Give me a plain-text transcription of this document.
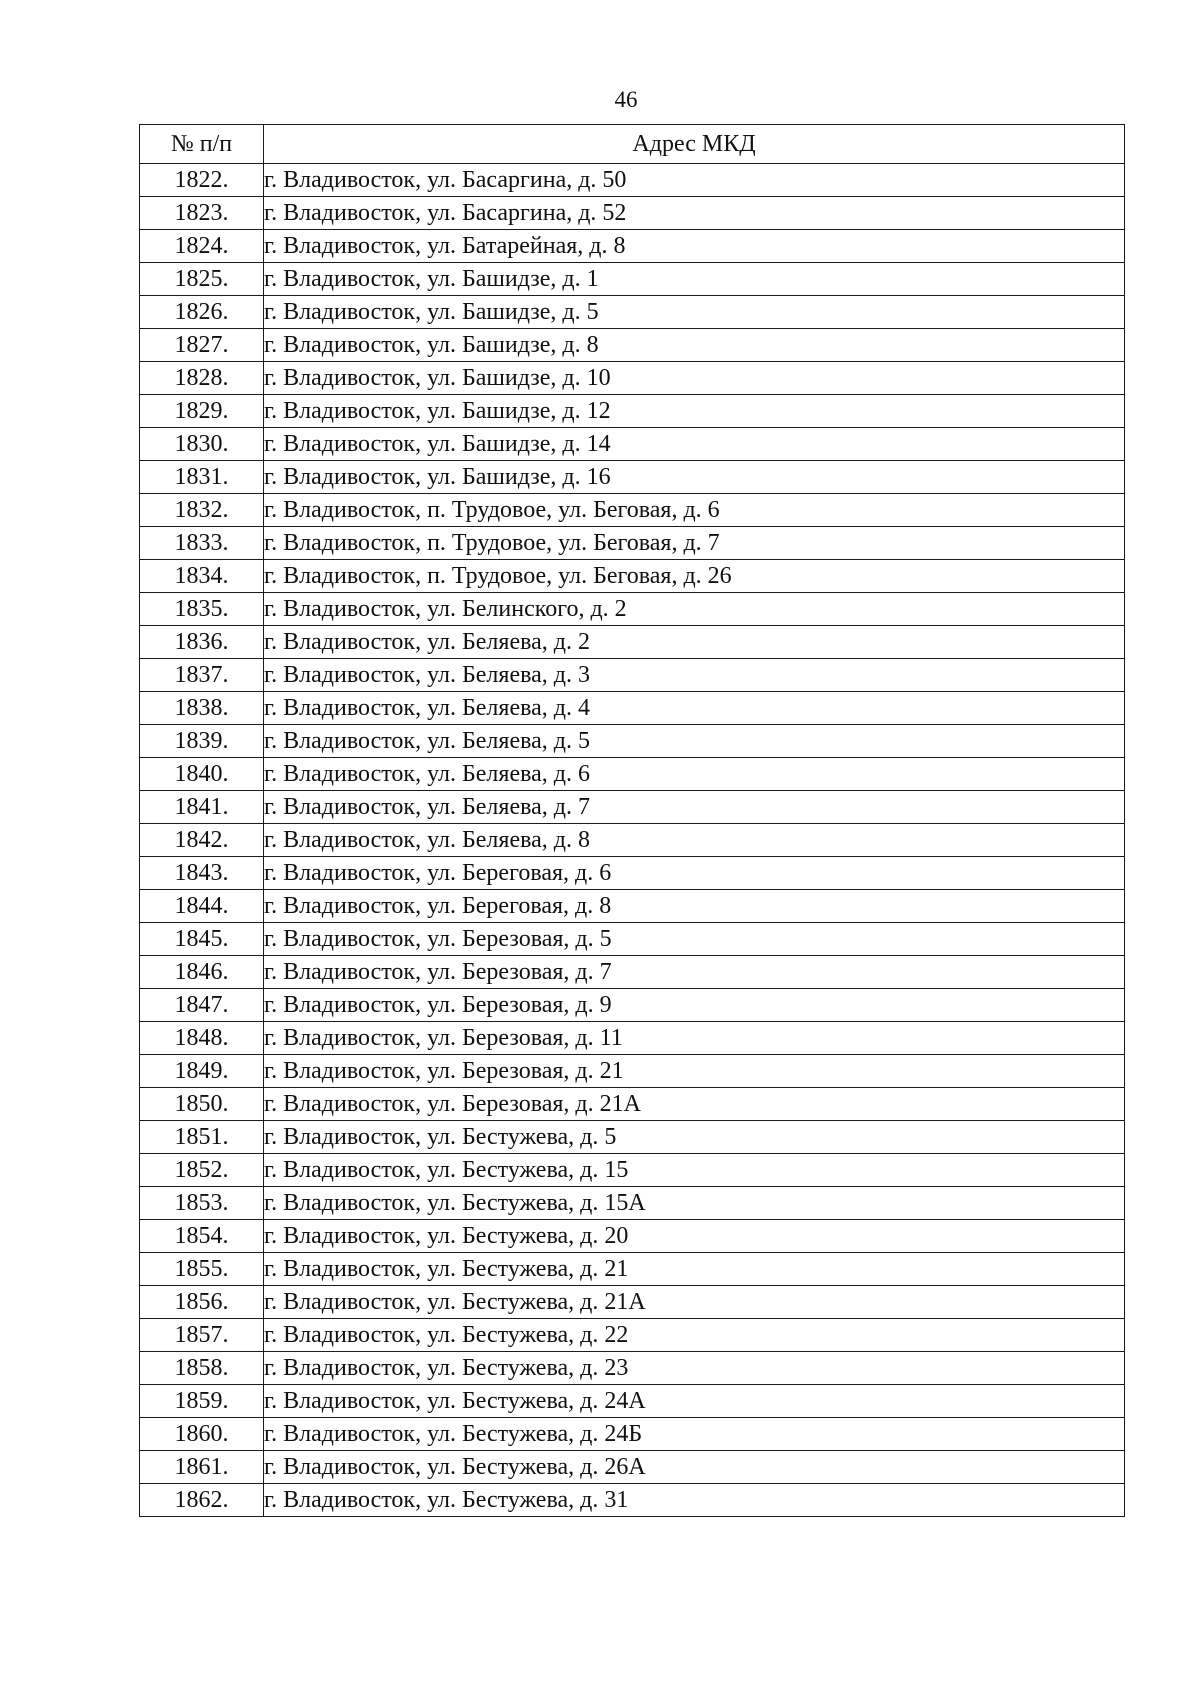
46
№ п/п	Адрес МКД
1822.	г. Владивосток, ул. Басаргина, д. 50
1823.	г. Владивосток, ул. Басаргина, д. 52
1824.	г. Владивосток, ул. Батарейная, д. 8
1825.	г. Владивосток, ул. Башидзе, д. 1
1826.	г. Владивосток, ул. Башидзе, д. 5
1827.	г. Владивосток, ул. Башидзе, д. 8
1828.	г. Владивосток, ул. Башидзе, д. 10
1829.	г. Владивосток, ул. Башидзе, д. 12
1830.	г. Владивосток, ул. Башидзе, д. 14
1831.	г. Владивосток, ул. Башидзе, д. 16
1832.	г. Владивосток, п. Трудовое, ул. Беговая, д. 6
1833.	г. Владивосток, п. Трудовое, ул. Беговая, д. 7
1834.	г. Владивосток, п. Трудовое, ул. Беговая, д. 26
1835.	г. Владивосток, ул. Белинского, д. 2
1836.	г. Владивосток, ул. Беляева, д. 2
1837.	г. Владивосток, ул. Беляева, д. 3
1838.	г. Владивосток, ул. Беляева, д. 4
1839.	г. Владивосток, ул. Беляева, д. 5
1840.	г. Владивосток, ул. Беляева, д. 6
1841.	г. Владивосток, ул. Беляева, д. 7
1842.	г. Владивосток, ул. Беляева, д. 8
1843.	г. Владивосток, ул. Береговая, д. 6
1844.	г. Владивосток, ул. Береговая, д. 8
1845.	г. Владивосток, ул. Березовая, д. 5
1846.	г. Владивосток, ул. Березовая, д. 7
1847.	г. Владивосток, ул. Березовая, д. 9
1848.	г. Владивосток, ул. Березовая, д. 11
1849.	г. Владивосток, ул. Березовая, д. 21
1850.	г. Владивосток, ул. Березовая, д. 21А
1851.	г. Владивосток, ул. Бестужева, д. 5
1852.	г. Владивосток, ул. Бестужева, д. 15
1853.	г. Владивосток, ул. Бестужева, д. 15А
1854.	г. Владивосток, ул. Бестужева, д. 20
1855.	г. Владивосток, ул. Бестужева, д. 21
1856.	г. Владивосток, ул. Бестужева, д. 21А
1857.	г. Владивосток, ул. Бестужева, д. 22
1858.	г. Владивосток, ул. Бестужева, д. 23
1859.	г. Владивосток, ул. Бестужева, д. 24А
1860.	г. Владивосток, ул. Бестужева, д. 24Б
1861.	г. Владивосток, ул. Бестужева, д. 26А
1862.	г. Владивосток, ул. Бестужева, д. 31
